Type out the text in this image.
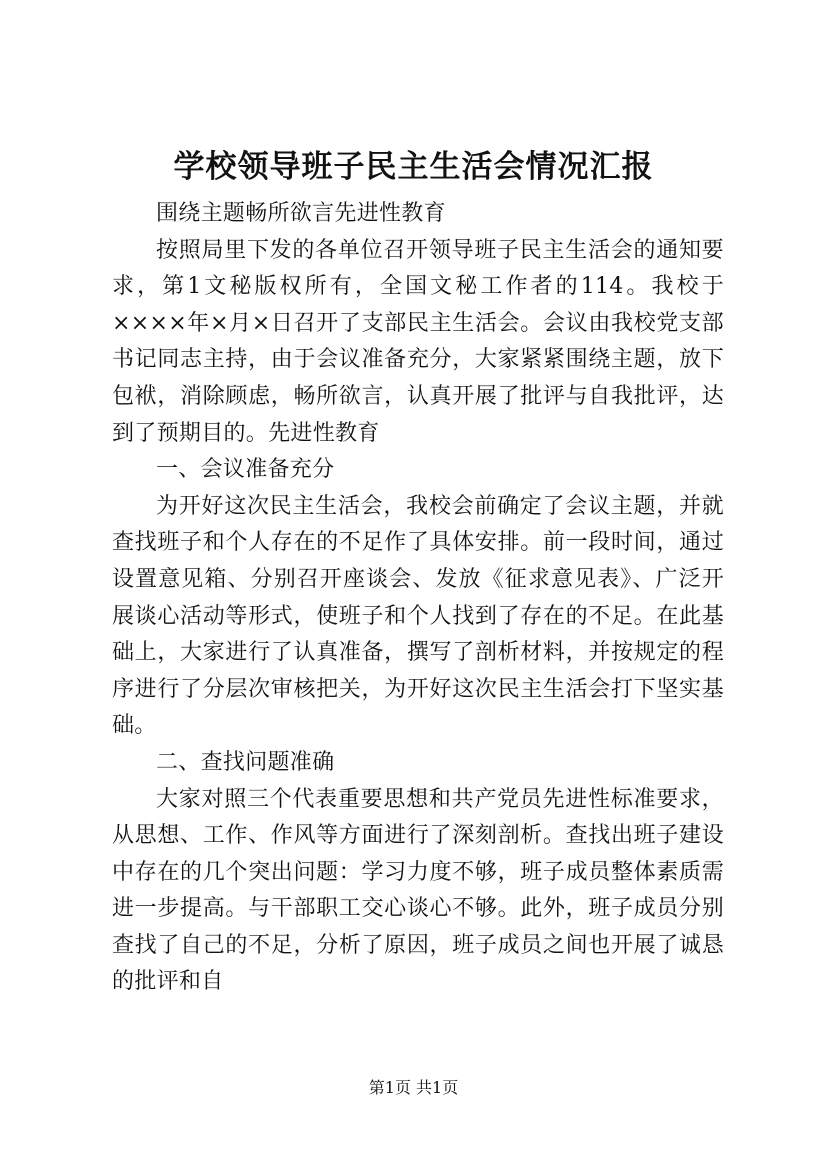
学校领导班子民主生活会情况汇报

围绕主题畅所欲言先进性教育

按照局里下发的各单位召开领导班子民主生活会的通知要求，第1文秘版权所有，全国文秘工作者的114。我校于××××年×月×日召开了支部民主生活会。会议由我校党支部书记同志主持，由于会议准备充分，大家紧紧围绕主题，放下包袱，消除顾虑，畅所欲言，认真开展了批评与自我批评，达到了预期目的。先进性教育

一、会议准备充分

为开好这次民主生活会，我校会前确定了会议主题，并就查找班子和个人存在的不足作了具体安排。前一段时间，通过设置意见箱、分别召开座谈会、发放《征求意见表》、广泛开展谈心活动等形式，使班子和个人找到了存在的不足。在此基础上，大家进行了认真准备，撰写了剖析材料，并按规定的程序进行了分层次审核把关，为开好这次民主生活会打下坚实基础。

二、查找问题准确

大家对照三个代表重要思想和共产党员先进性标准要求，从思想、工作、作风等方面进行了深刻剖析。查找出班子建设中存在的几个突出问题：学习力度不够，班子成员整体素质需进一步提高。与干部职工交心谈心不够。此外，班子成员分别查找了自己的不足，分析了原因，班子成员之间也开展了诚恳的批评和自

第1页 共1页
